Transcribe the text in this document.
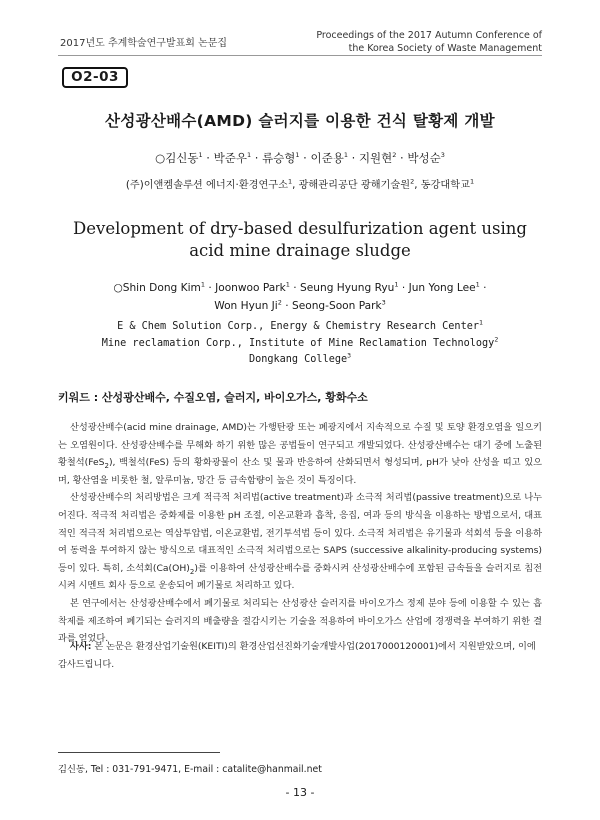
2017년도 추계학술연구발표회 논문집
Proceedings of the 2017 Autumn Conference of
the Korea Society of Waste Management
O2-03
산성광산배수(AMD) 슬러지를 이용한 건식 탈황제 개발
○김신동$^1$ · 박준우$^1$ · 류승형$^1$ · 이준용$^1$ · 지원현$^2$ · 박성순$^3$
(주)이앤켐솔루션 에너지·환경연구소$^1$, 광해관리공단 광해기술원$^2$, 동강대학교$^1$
Development of dry-based desulfurization agent using
acid mine drainage sludge
○Shin Dong Kim$^1$ · Joonwoo Park$^1$ · Seung Hyung Ryu$^1$ · Jun Yong Lee$^1$ ·
Won Hyun $Ji^2$ · Seong-Soon Park$^3$
E & Chem Solution Corp., Energy & Chemistry Research Center$^1$
Mine reclamation Corp., Institute of Mine Reclamation Technology$^2$
Dongkang College$^3$
키워드 : 산성광산배수, 수질오염, 슬러지, 바이오가스, 황화수소

산성광산배수(acid mine drainage, AMD)는 가행탄광 또는 폐광지에서 지속적으로 수질 및 토양 환경오염을 일으키는 오염원이다. 산성광산배수를 무해화 하기 위한 많은 공법들이 연구되고 개발되었다. 산성광산배수는 대기 중에 노출된 황철석(FeS$_2$), 백철석(FeS) 등의 황화광물이 산소 및 물과 반응하여 산화되면서 형성되며, pH가 낮아 산성을 띠고 있으며, 황산염을 비롯한 철, 알루미늄, 망간 등 금속함량이 높은 것이 특징이다.

산성광산배수의 처리방법은 크게 적극적 처리법(active treatment)과 소극적 처리법(passive treatment)으로 나누어진다. 적극적 처리법은 중화제를 이용한 pH 조절, 이온교환과 흡착, 응집, 여과 등의 방식을 이용하는 방법으로서, 대표적인 적극적 처리법으로는 역삼투압법, 이온교환법, 전기투석법 등이 있다. 소극적 처리법은 유기물과 석회석 등을 이용하여 동력을 투여하지 않는 방식으로 대표적인 소극적 처리법으로는 SAPS (successive alkalinity-producing systems) 등이 있다. 특히, 소석회$(Ca(OH)_2)$를 이용하여 산성광산배수를 중화시켜 산성광산배수에 포함된 금속들을 슬러지로 침전시켜 시멘트 회사 등으로 운송되어 폐기물로 처리하고 있다.

본 연구에서는 산성광산배수에서 폐기물로 처리되는 산성광산 슬러지를 바이오가스 정제 분야 등에 이용할 수 있는 흡착제를 제조하여 폐기되는 슬러지의 배출량을 절감시키는 기술을 적용하여 바이오가스 산업에 경쟁력을 부여하기 위한 결과를 얻었다.

사사: 본 논문은 환경산업기술원(KEITI)의 환경산업선진화기술개발사업(2017000120001)에서 지원받았으며, 이에 감사드립니다.
김신동, Tel : 031-791-9471, E-mail : catalite@hanmail.net
- 13 -
